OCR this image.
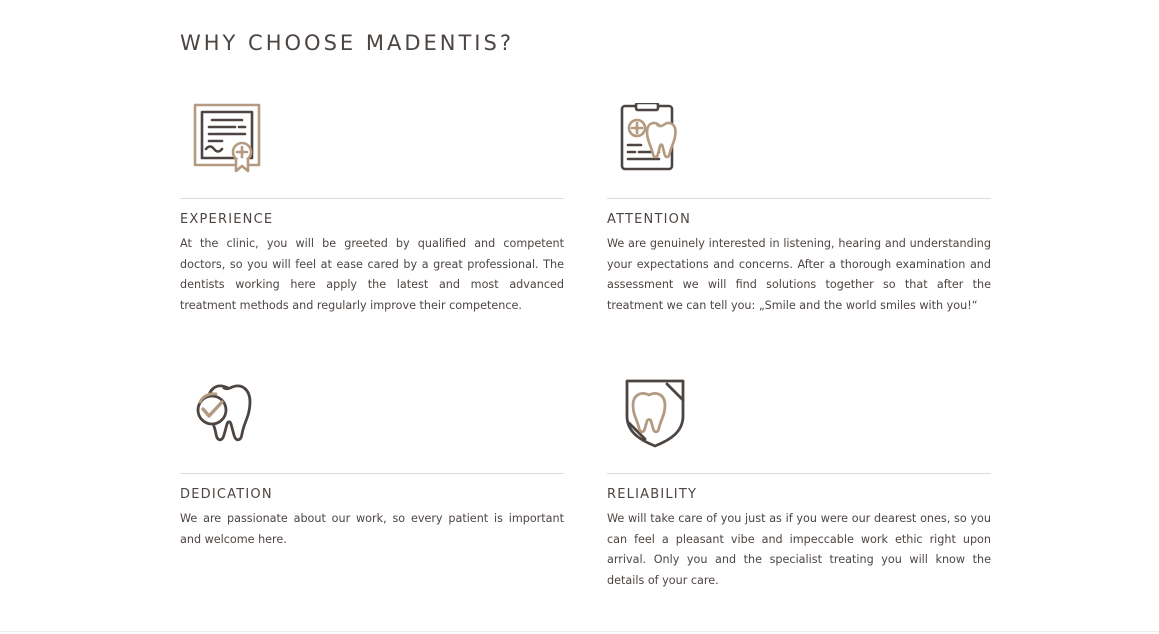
WHY CHOOSE MADENTIS?
EXPERIENCE

At the clinic, you will be greeted by qualified and competent doctors, so you will feel at ease cared by a great professional. The dentists working here apply the latest and most advanced treatment methods and regularly improve their competence.

ATTENTION

We are genuinely interested in listening, hearing and understanding your expectations and concerns. After a thorough examination and assessment we will find solutions together so that after the treatment we can tell you: „Smile and the world smiles with you!“

DEDICATION

We are passionate about our work, so every patient is important and welcome here.

RELIABILITY

We will take care of you just as if you were our dearest ones, so you can feel a pleasant vibe and impeccable work ethic right upon arrival. Only you and the specialist treating you will know the details of your care.
